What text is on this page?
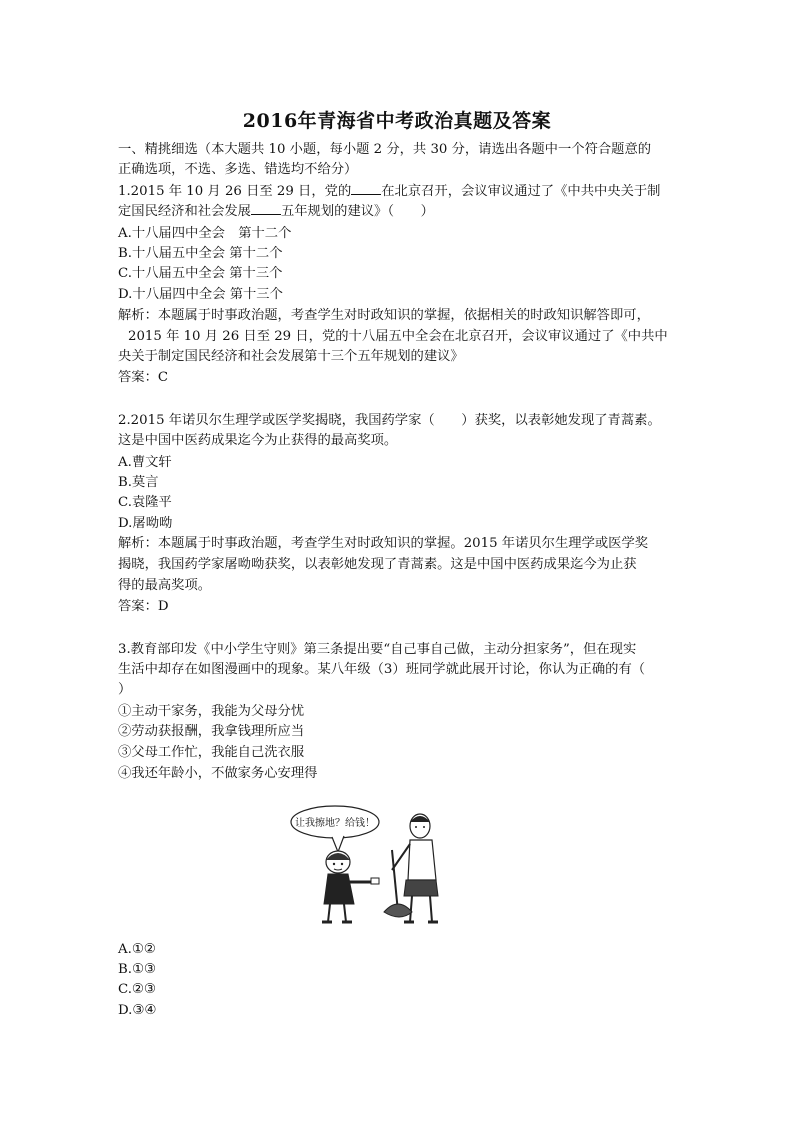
2016年青海省中考政治真题及答案
一、精挑细选（本大题共 10 小题，每小题 2 分，共 30 分，请选出各题中一个符合题意的
正确选项，不选、多选、错选均不给分）
1.2015 年 10 月 26 日至 29 日，党的 在北京召开，会议审议通过了《中共中央关于制
定国民经济和社会发展 五年规划的建议》（　　）
A.十八届四中全会　第十二个
B.十八届五中全会 第十二个
C.十八届五中全会 第十三个
D.十八届四中全会 第十三个
解析：本题属于时事政治题，考查学生对时政知识的掌握，依据相关的时政知识解答即可，
2015 年 10 月 26 日至 29 日，党的十八届五中全会在北京召开，会议审议通过了《中共中
央关于制定国民经济和社会发展第十三个五年规划的建议》
答案：C
2.2015 年诺贝尔生理学或医学奖揭晓，我国药学家（　　）获奖，以表彰她发现了青蒿素。
这是中国中医药成果迄今为止获得的最高奖项。
A.曹文轩
B.莫言
C.袁隆平
D.屠呦呦
解析：本题属于时事政治题，考查学生对时政知识的掌握。2015 年诺贝尔生理学或医学奖
揭晓，我国药学家屠呦呦获奖，以表彰她发现了青蒿素。这是中国中医药成果迄今为止获
得的最高奖项。
答案：D
3.教育部印发《中小学生守则》第三条提出要“自己事自己做，主动分担家务”，但在现实
生活中却存在如图漫画中的现象。某八年级（3）班同学就此展开讨论，你认为正确的有（
）
①主动干家务，我能为父母分忧
②劳动获报酬，我拿钱理所应当
③父母工作忙，我能自己洗衣服
④我还年龄小，不做家务心安理得
让我擦地？给钱！
A.①②
B.①③
C.②③
D.③④
